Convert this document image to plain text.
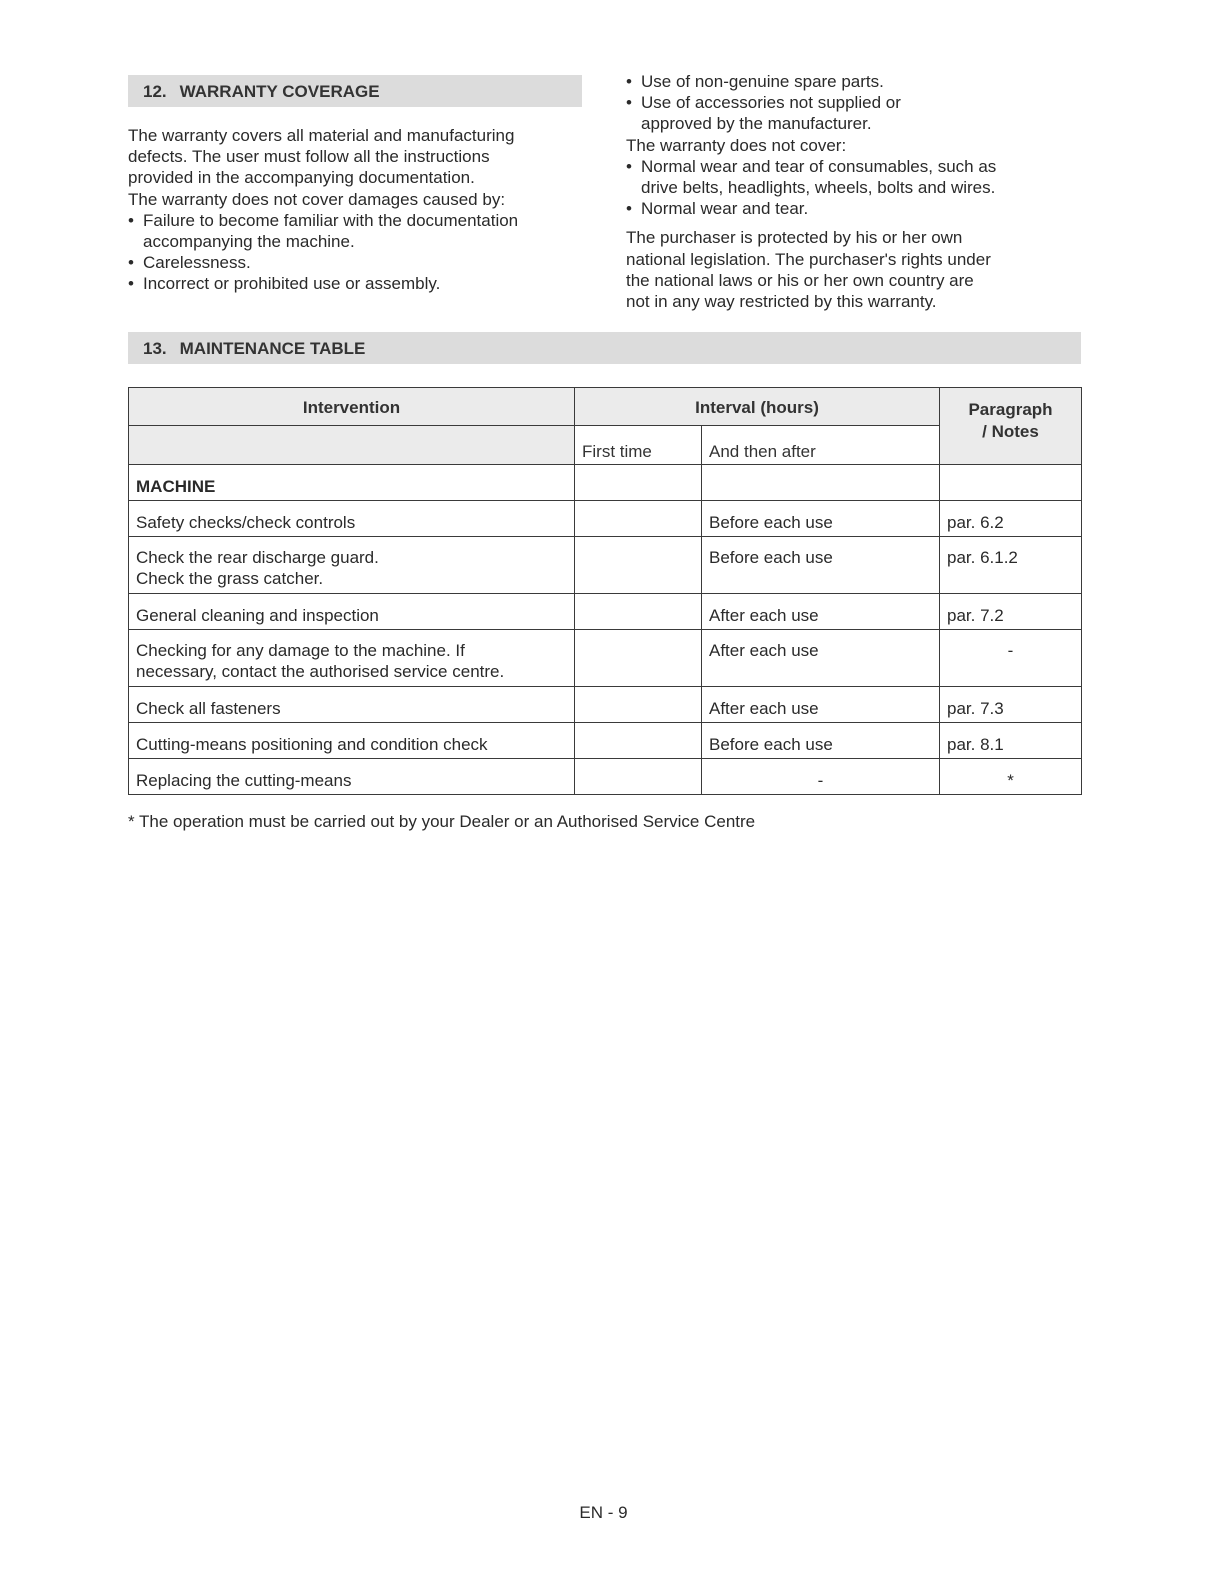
12. WARRANTY COVERAGE

The warranty covers all material and manufacturing

defects. The user must follow all the instructions

provided in the accompanying documentation.

The warranty does not cover damages caused by:

• Failure to become familiar with the documentation
accompanying the machine.
• Carelessness.
• Incorrect or prohibited use or assembly.
• Use of non-genuine spare parts.
• Use of accessories not supplied or
approved by the manufacturer.

The warranty does not cover:

• Normal wear and tear of consumables, such as
drive belts, headlights, wheels, bolts and wires.
• Normal wear and tear.

The purchaser is protected by his or her own

national legislation. The purchaser's rights under

the national laws or his or her own country are

not in any way restricted by this warranty.

13. MAINTENANCE TABLE
Intervention	Interval (hours)		Paragraph
/ Notes

	First time	And then after	
MACHINE			
Safety checks/check controls		Before each use	par. 6.2

Check the rear discharge guard.
Check the grass catcher.		Before each use	par. 6.1.2
General cleaning and inspection		After each use	par. 7.2

Checking for any damage to the machine. If
necessary, contact the authorised service centre.		After each use	-
Check all fasteners		After each use	par. 7.3
Cutting-means positioning and condition check		Before each use	par. 8.1
Replacing the cutting-means		-	*
* The operation must be carried out by your Dealer or an Authorised Service Centre
EN - 9
